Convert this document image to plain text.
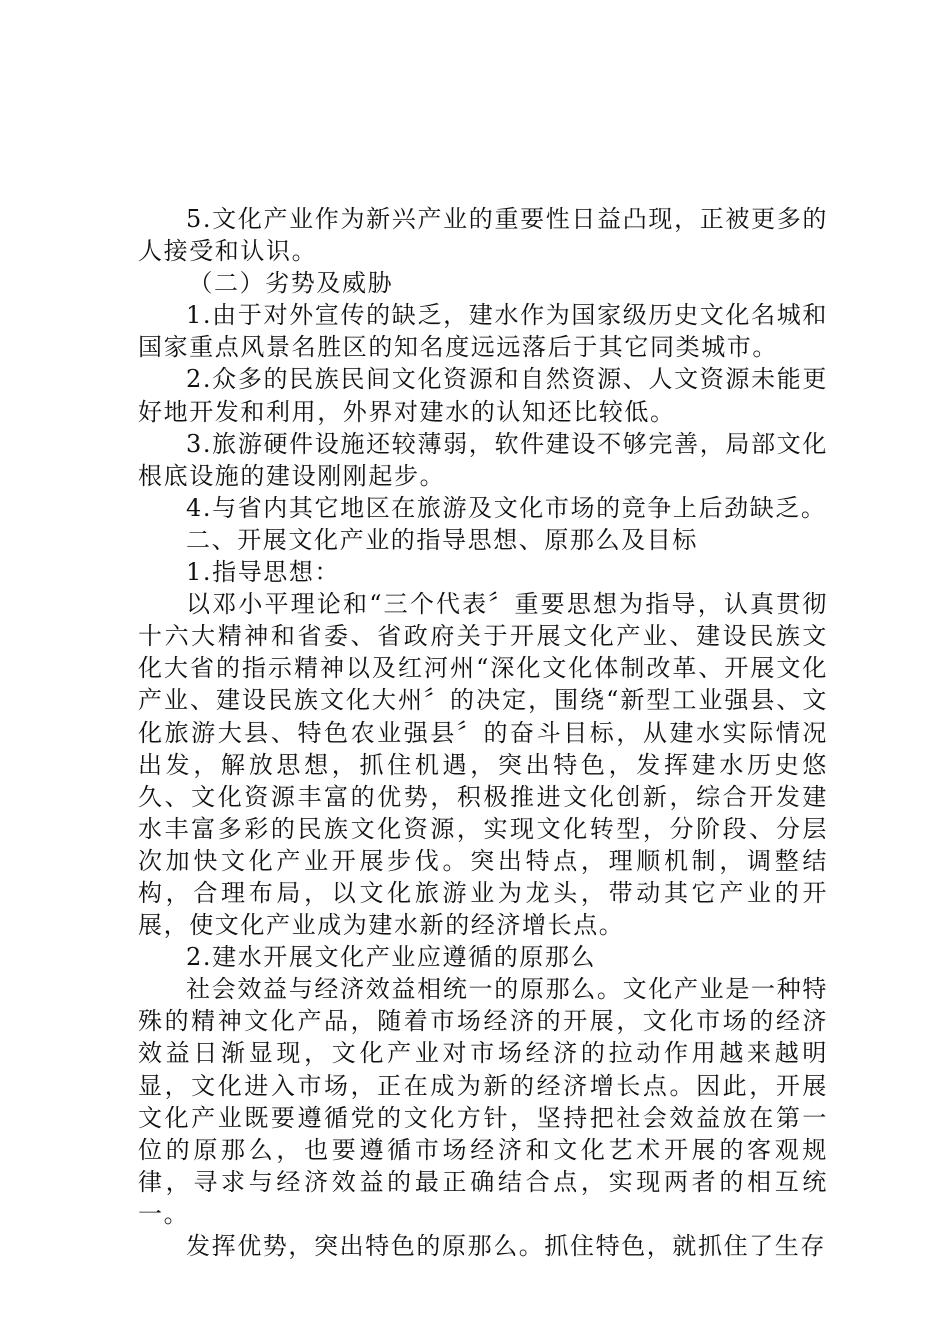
5.文化产业作为新兴产业的重要性日益凸现，正被更多的人接受和认识。

（二）劣势及威胁

1.由于对外宣传的缺乏，建水作为国家级历史文化名城和国家重点风景名胜区的知名度远远落后于其它同类城市。

2.众多的民族民间文化资源和自然资源、人文资源未能更好地开发和利用，外界对建水的认知还比较低。

3.旅游硬件设施还较薄弱，软件建设不够完善，局部文化根底设施的建设刚刚起步。

4.与省内其它地区在旅游及文化市场的竞争上后劲缺乏。

二、开展文化产业的指导思想、原那么及目标

1.指导思想：

以邓小平理论和“三个代表〞重要思想为指导，认真贯彻十六大精神和省委、省政府关于开展文化产业、建设民族文化大省的指示精神以及红河州“深化文化体制改革、开展文化产业、建设民族文化大州〞的决定，围绕“新型工业强县、文化旅游大县、特色农业强县〞的奋斗目标，从建水实际情况出发，解放思想，抓住机遇，突出特色，发挥建水历史悠久、文化资源丰富的优势，积极推进文化创新，综合开发建水丰富多彩的民族文化资源，实现文化转型，分阶段、分层次加快文化产业开展步伐。突出特点，理顺机制，调整结构，合理布局，以文化旅游业为龙头，带动其它产业的开展，使文化产业成为建水新的经济增长点。

2.建水开展文化产业应遵循的原那么

社会效益与经济效益相统一的原那么。文化产业是一种特殊的精神文化产品，随着市场经济的开展，文化市场的经济效益日渐显现，文化产业对市场经济的拉动作用越来越明显，文化进入市场，正在成为新的经济增长点。因此，开展文化产业既要遵循党的文化方针，坚持把社会效益放在第一位的原那么，也要遵循市场经济和文化艺术开展的客观规律，寻求与经济效益的最正确结合点，实现两者的相互统一。

发挥优势，突出特色的原那么。抓住特色，就抓住了生存
